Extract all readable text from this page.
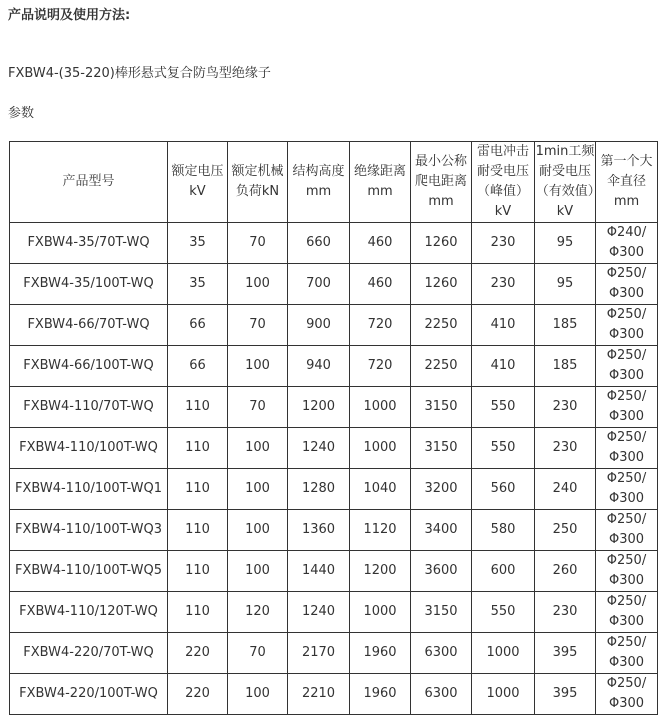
产品说明及使用方法:
FXBW4-(35-220)棒形悬式复合防鸟型绝缘子
参数
产品型号	额定电压kV	额定机械负荷kN	结构高度mm	绝缘距离mm	最小公称爬电距离mm	雷电冲击耐受电压（峰值）kV	1min工频耐受电压（有效值）kV	第一个大伞直径mm
FXBW4-35/70T-WQ	35	70	660	460	1260	230	95	Φ240/
Φ300

FXBW4-35/100T-WQ	35	100	700	460	1260	230	95	Φ250/
Φ300

FXBW4-66/70T-WQ	66	70	900	720	2250	410	185	Φ250/
Φ300

FXBW4-66/100T-WQ	66	100	940	720	2250	410	185	Φ250/
Φ300

FXBW4-110/70T-WQ	110	70	1200	1000	3150	550	230	Φ250/
Φ300

FXBW4-110/100T-WQ	110	100	1240	1000	3150	550	230	Φ250/
Φ300

FXBW4-110/100T-WQ1	110	100	1280	1040	3200	560	240	Φ250/
Φ300

FXBW4-110/100T-WQ3	110	100	1360	1120	3400	580	250	Φ250/
Φ300

FXBW4-110/100T-WQ5	110	100	1440	1200	3600	600	260	Φ250/
Φ300

FXBW4-110/120T-WQ	110	120	1240	1000	3150	550	230	Φ250/
Φ300

FXBW4-220/70T-WQ	220	70	2170	1960	6300	1000	395	Φ250/
Φ300

FXBW4-220/100T-WQ	220	100	2210	1960	6300	1000	395	Φ250/
Φ300
